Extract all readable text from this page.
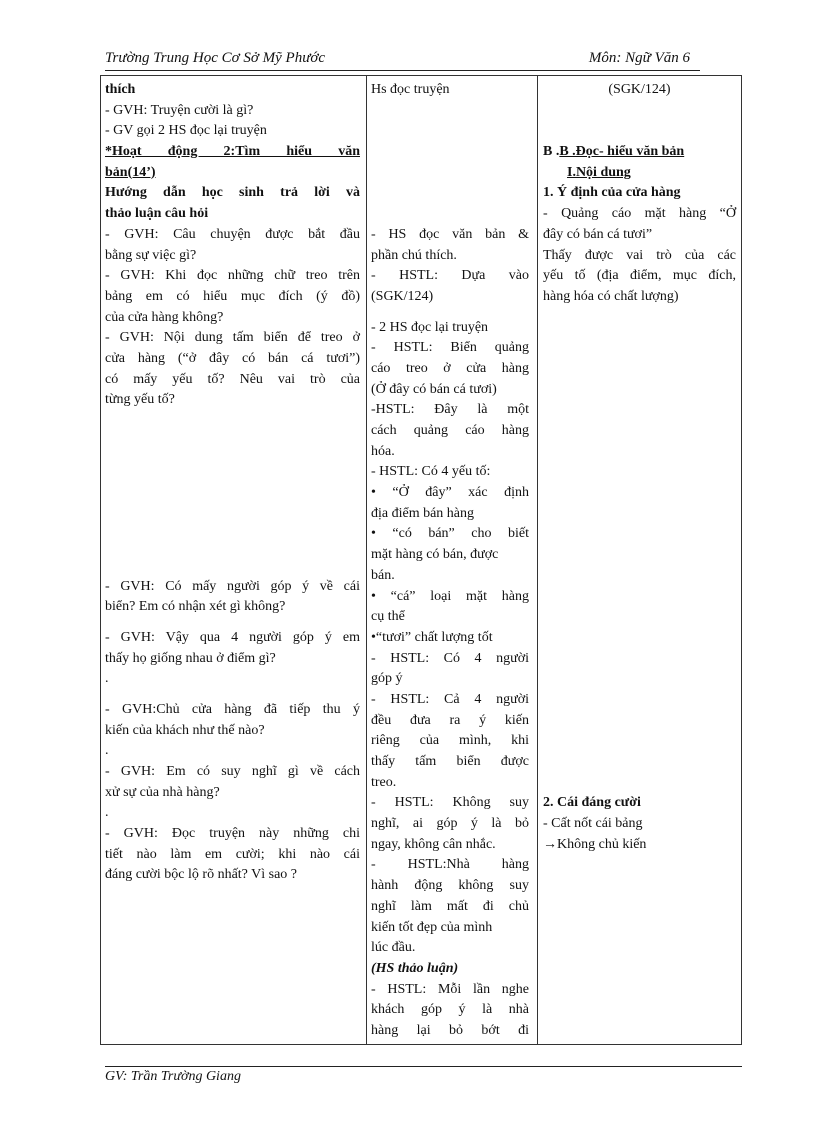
Trường Trung Học Cơ Sở Mỹ Phước	Môn: Ngữ Văn 6
thích
- GVH: Truyện cười là gì?
- GV gọi 2 HS đọc lại truyện
*Hoạt động 2:Tìm hiểu văn
bản(14’)
Hướng dẫn học sinh trả lời và
thảo luận câu hỏi
- GVH: Câu chuyện được bắt đầu
bằng sự việc gì?
- GVH: Khi đọc những chữ treo trên
bảng em có hiểu mục đích (ý đồ)
của cửa hàng không?
- GVH: Nội dung tấm biển để treo ở
cửa hàng (“ở đây có bán cá tươi”)
có mấy yếu tố? Nêu vai trò của
từng yếu tố?
- GVH: Có mấy người góp ý về cái
biển? Em có nhận xét gì không?
- GVH: Vậy qua 4 người góp ý em
thấy họ giống nhau ở điểm gì?
.
- GVH:Chủ cửa hàng đã tiếp thu ý
kiến của khách như thế nào?
.
- GVH: Em có suy nghĩ gì về cách
xử sự của nhà hàng?
.
- GVH: Đọc truyện này những chi
tiết nào làm em cười; khi nào cái
đáng cười bộc lộ rõ nhất? Vì sao ?
Hs đọc truyện
- HS đọc văn bản &
phần chú thích.
- HSTL: Dựa vào
(SGK/124)
- 2 HS đọc lại truyện
- HSTL: Biển quảng
cáo treo ở cửa hàng
(Ở đây có bán cá tươi)
-HSTL: Đây là một
cách quảng cáo hàng
hóa.
- HSTL: Có 4 yếu tố:
• “Ở đây” xác định
địa điểm bán hàng
• “có bán” cho biết
mặt hàng có bán, được
bán.
• “cá” loại mặt hàng
cụ thể
•“tươi” chất lượng tốt
- HSTL: Có 4 người
góp ý
- HSTL: Cả 4 người
đều đưa ra ý kiến
riêng của mình, khi
thấy tấm biển được
treo.
- HSTL: Không suy
nghĩ, ai góp ý là bỏ
ngay, không cân nhắc.
- HSTL:Nhà hàng
hành động không suy
nghĩ làm mất đi chủ
kiến tốt đẹp của mình
lúc đầu.
(HS thảo luận)
- HSTL: Mỗi lần nghe
khách góp ý là nhà
hàng lại bỏ bớt đi
(SGK/124)
B .B .Đọc- hiểu văn bản
I.Nội dung
1. Ý định của cửa hàng
- Quảng cáo mặt hàng “Ở
đây có bán cá tươi”
Thấy được vai trò của các
yếu tố (địa điểm, mục đích,
hàng hóa có chất lượng)
2. Cái đáng cười
- Cất nốt cái bảng
→Không chủ kiến
GV: Trần Trường Giang
